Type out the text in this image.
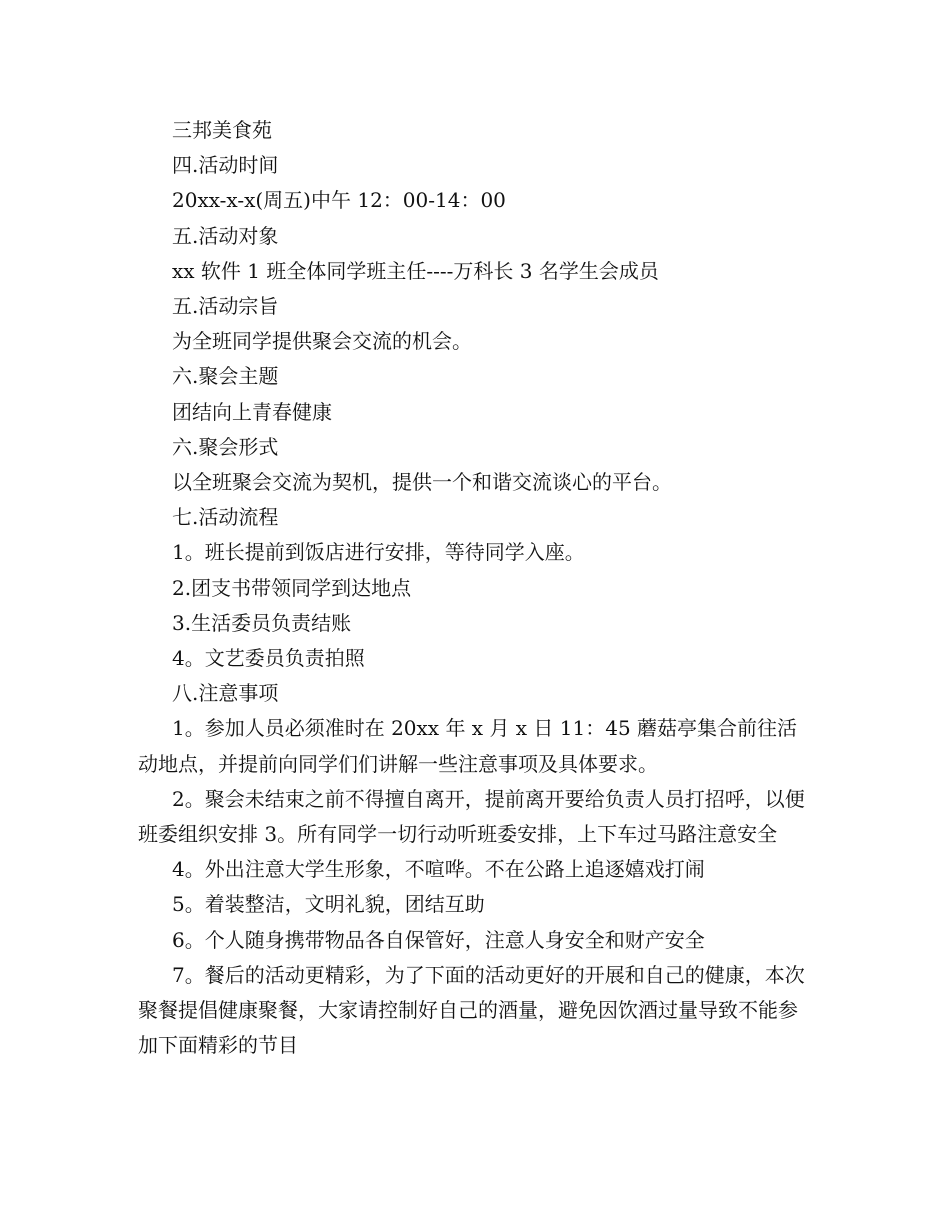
三邦美食苑

四.活动时间

20xx-x-x(周五)中午 12：00-14：00

五.活动对象

xx 软件 1 班全体同学班主任----万科长 3 名学生会成员

五.活动宗旨

为全班同学提供聚会交流的机会。

六.聚会主题

团结向上青春健康

六.聚会形式

以全班聚会交流为契机，提供一个和谐交流谈心的平台。

七.活动流程

1。班长提前到饭店进行安排，等待同学入座。

2.团支书带领同学到达地点

3.生活委员负责结账

4。文艺委员负责拍照

八.注意事项

1。参加人员必须准时在 20xx 年 x 月 x 日 11：45 蘑菇亭集合前往活动地点，并提前向同学们们讲解一些注意事项及具体要求。

2。聚会未结束之前不得擅自离开，提前离开要给负责人员打招呼，以便班委组织安排 3。所有同学一切行动听班委安排，上下车过马路注意安全

4。外出注意大学生形象，不喧哗。不在公路上追逐嬉戏打闹

5。着装整洁，文明礼貌，团结互助

6。个人随身携带物品各自保管好，注意人身安全和财产安全

7。餐后的活动更精彩，为了下面的活动更好的开展和自己的健康，本次聚餐提倡健康聚餐，大家请控制好自己的酒量，避免因饮酒过量导致不能参加下面精彩的节目
